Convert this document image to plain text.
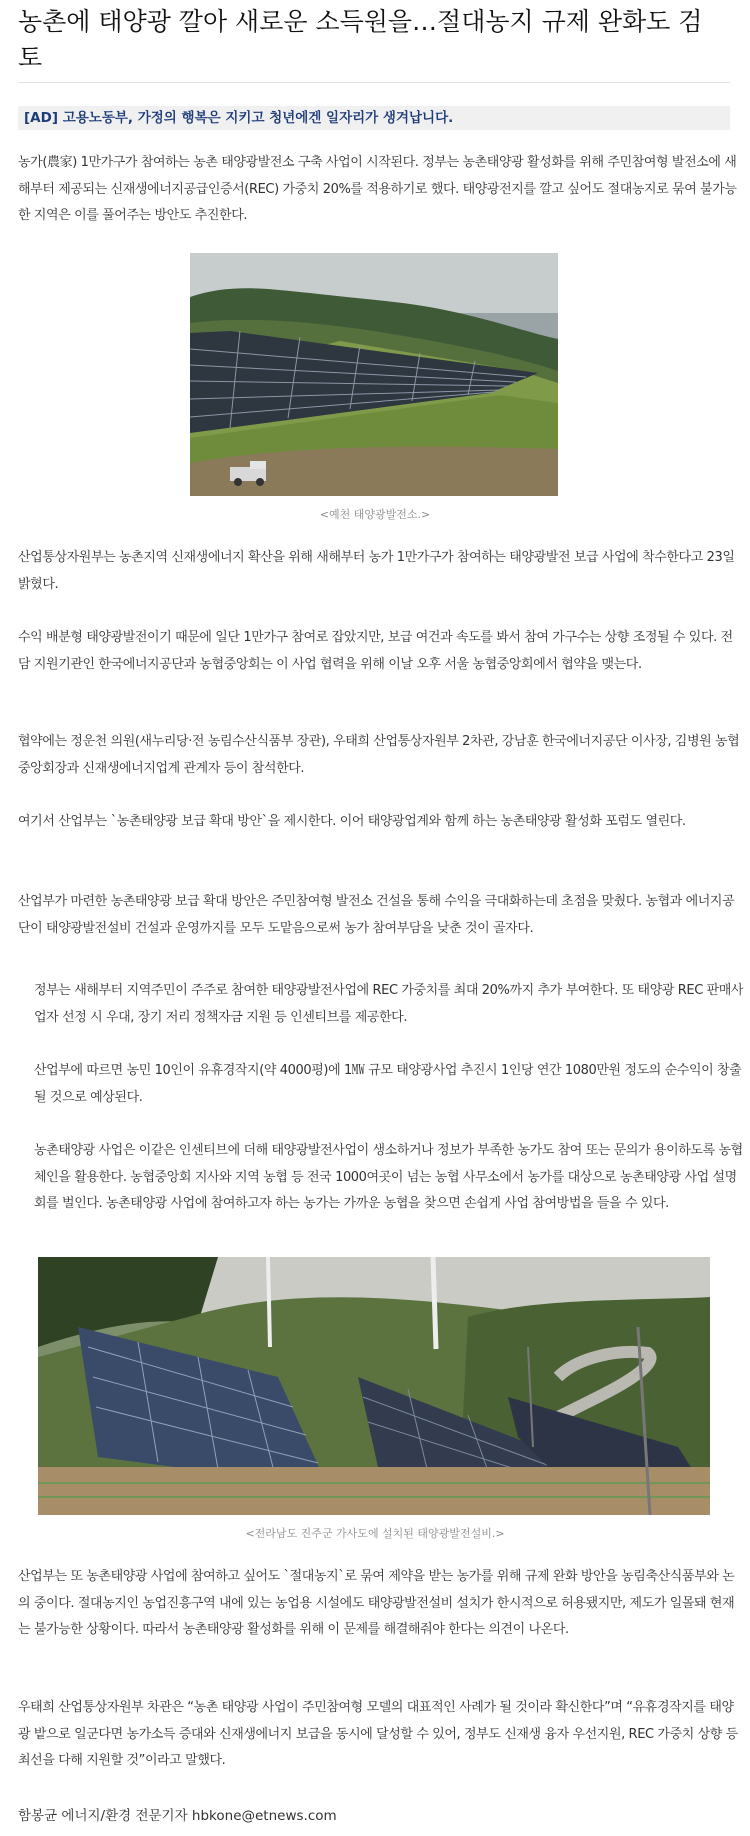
농촌에 태양광 깔아 새로운 소득원을…절대농지 규제 완화도 검토
[AD] 고용노동부, 가정의 행복은 지키고 청년에겐 일자리가 생겨납니다.

농가(農家) 1만가구가 참여하는 농촌 태양광발전소 구축 사업이 시작된다. 정부는 농촌태양광 활성화를 위해 주민참여형 발전소에 새해부터 제공되는 신재생에너지공급인증서(REC) 가중치 20%를 적용하기로 했다. 태양광전지를 깔고 싶어도 절대농지로 묶여 불가능한 지역은 이를 풀어주는 방안도 추진한다.

<예천 태양광발전소.>

산업통상자원부는 농촌지역 신재생에너지 확산을 위해 새해부터 농가 1만가구가 참여하는 태양광발전 보급 사업에 착수한다고 23일 밝혔다.

수익 배분형 태양광발전이기 때문에 일단 1만가구 참여로 잡았지만, 보급 여건과 속도를 봐서 참여 가구수는 상향 조정될 수 있다. 전담 지원기관인 한국에너지공단과 농협중앙회는 이 사업 협력을 위해 이날 오후 서울 농협중앙회에서 협약을 맺는다.

협약에는 정운천 의원(새누리당·전 농림수산식품부 장관), 우태희 산업통상자원부 2차관, 강남훈 한국에너지공단 이사장, 김병원 농협중앙회장과 신재생에너지업계 관계자 등이 참석한다.

여기서 산업부는 `농촌태양광 보급 확대 방안`을 제시한다. 이어 태양광업계와 함께 하는 농촌태양광 활성화 포럼도 열린다.

산업부가 마련한 농촌태양광 보급 확대 방안은 주민참여형 발전소 건설을 통해 수익을 극대화하는데 초점을 맞췄다. 농협과 에너지공단이 태양광발전설비 건설과 운영까지를 모두 도맡음으로써 농가 참여부담을 낮춘 것이 골자다.

정부는 새해부터 지역주민이 주주로 참여한 태양광발전사업에 REC 가중치를 최대 20%까지 추가 부여한다. 또 태양광 REC 판매사업자 선정 시 우대, 장기 저리 정책자금 지원 등 인센티브를 제공한다.

산업부에 따르면 농민 10인이 유휴경작지(약 4000평)에 1㎿ 규모 태양광사업 추진시 1인당 연간 1080만원 정도의 순수익이 창출될 것으로 예상된다.

농촌태양광 사업은 이같은 인센티브에 더해 태양광발전사업이 생소하거나 정보가 부족한 농가도 참여 또는 문의가 용이하도록 농협 체인을 활용한다. 농협중앙회 지사와 지역 농협 등 전국 1000여곳이 넘는 농협 사무소에서 농가를 대상으로 농촌태양광 사업 설명회를 벌인다. 농촌태양광 사업에 참여하고자 하는 농가는 가까운 농협을 찾으면 손쉽게 사업 참여방법을 들을 수 있다.

<전라남도 진주군 가사도에 설치된 태양광발전설비.>

산업부는 또 농촌태양광 사업에 참여하고 싶어도 `절대농지`로 묶여 제약을 받는 농가를 위해 규제 완화 방안을 농림축산식품부와 논의 중이다. 절대농지인 농업진흥구역 내에 있는 농업용 시설에도 태양광발전설비 설치가 한시적으로 허용됐지만, 제도가 일몰돼 현재는 불가능한 상황이다. 따라서 농촌태양광 활성화를 위해 이 문제를 해결해줘야 한다는 의견이 나온다.

우태희 산업통상자원부 차관은 “농촌 태양광 사업이 주민참여형 모델의 대표적인 사례가 될 것이라 확신한다”며 “유휴경작지를 태양광 밭으로 일군다면 농가소득 증대와 신재생에너지 보급을 동시에 달성할 수 있어, 정부도 신재생 융자 우선지원, REC 가중치 상향 등 최선을 다해 지원할 것”이라고 말했다.

함봉균 에너지/환경 전문기자 hbkone@etnews.com
